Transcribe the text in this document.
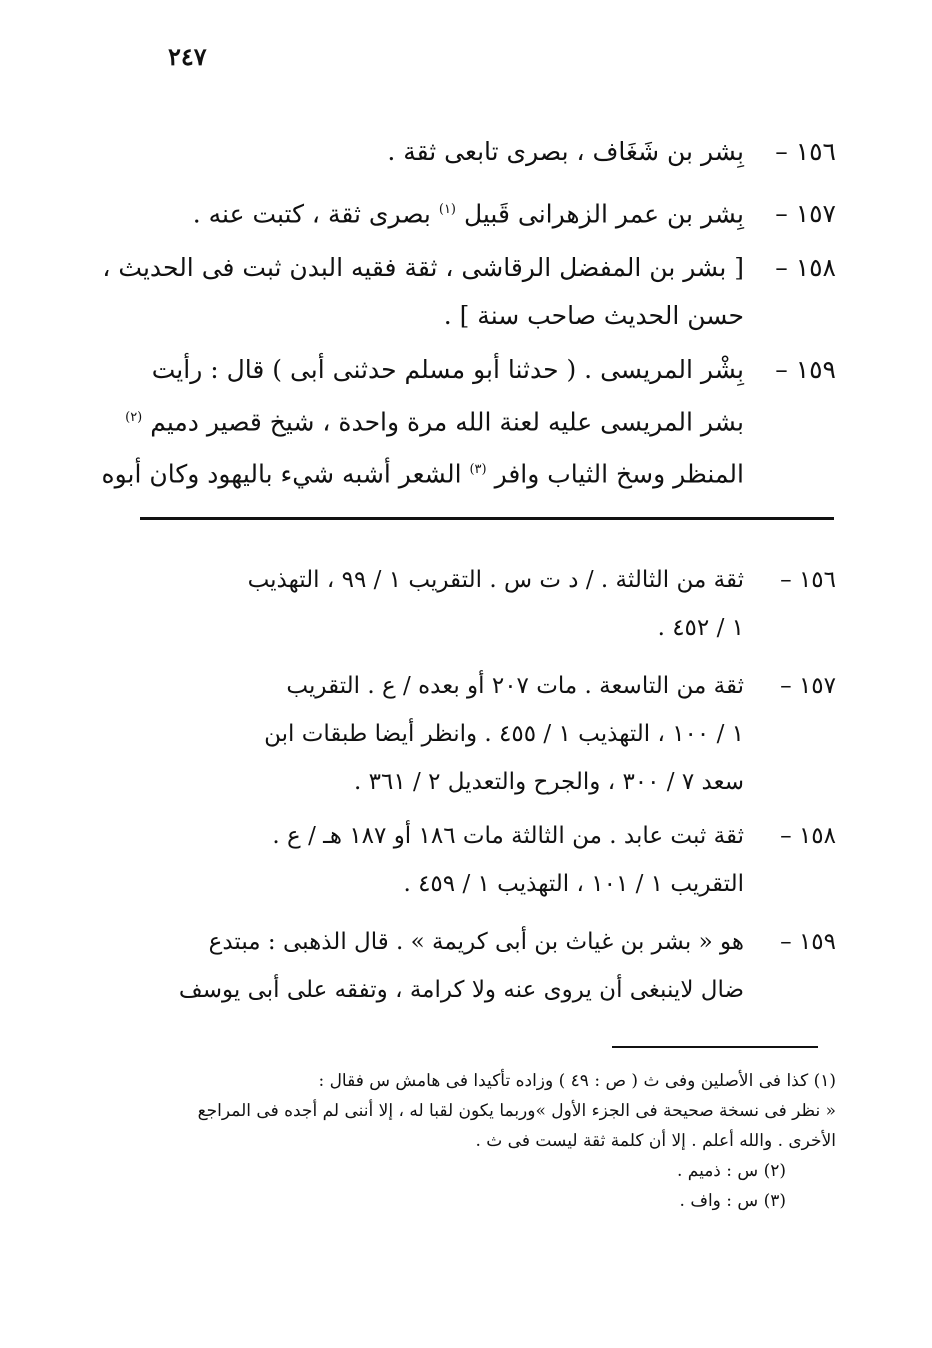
٢٤٧
١٥٦ –بِشر بن شَغَاف ، بصرى تابعى ثقة .
١٥٧ –بِشر بن عمر الزهرانى قَبيل $^{(١)}$ بصرى ثقة ، كتبت عنه .
١٥٨ –[ بشر بن المفضل الرقاشى ، ثقة فقيه البدن ثبت فى الحديث ،
حسن الحديث صاحب سنة ] .
١٥٩ –بِشْر المريسى . ( حدثنا أبو مسلم حدثنى أبى ) قال : رأيت
بشر المريسى عليه لعنة الله مرة واحدة ، شيخ قصير دميم $^{(٢)}$
المنظر وسخ الثياب وافر $^{(٣)}$ الشعر أشبه شيء باليهود وكان أبوه
١٥٦ –ثقة من الثالثة . / د ت س . التقريب ١ / ٩٩ ، التهذيب
١ / ٤٥٢ .
١٥٧ –ثقة من التاسعة . مات ٢٠٧ أو بعده / ع . التقريب
١ / ١٠٠ ، التهذيب ١ / ٤٥٥ . وانظر أيضا طبقات ابن
سعد ٧ / ٣٠٠ ، والجرح والتعديل ٢ / ٣٦١ .
١٥٨ –ثقة ثبت عابد . من الثالثة مات ١٨٦ أو ١٨٧ هـ / ع .
التقريب ١ / ١٠١ ، التهذيب ١ / ٤٥٩ .
١٥٩ –هو « بشر بن غياث بن أبى كريمة » . قال الذهبى : مبتدع
ضال لاينبغى أن يروى عنه ولا كرامة ، وتفقه على أبى يوسف
(١) كذا فى الأصلين وفى ث ( ص : ٤٩ ) وزاده تأكيدا فى هامش س فقال :
« نظر فى نسخة صحيحة فى الجزء الأول »وربما يكون لقبا له ، إلا أننى لم أجده فى المراجع
الأخرى . والله أعلم . إلا أن كلمة ثقة ليست فى ث .
(٢) س : ذميم .
(٣) س : واف .
